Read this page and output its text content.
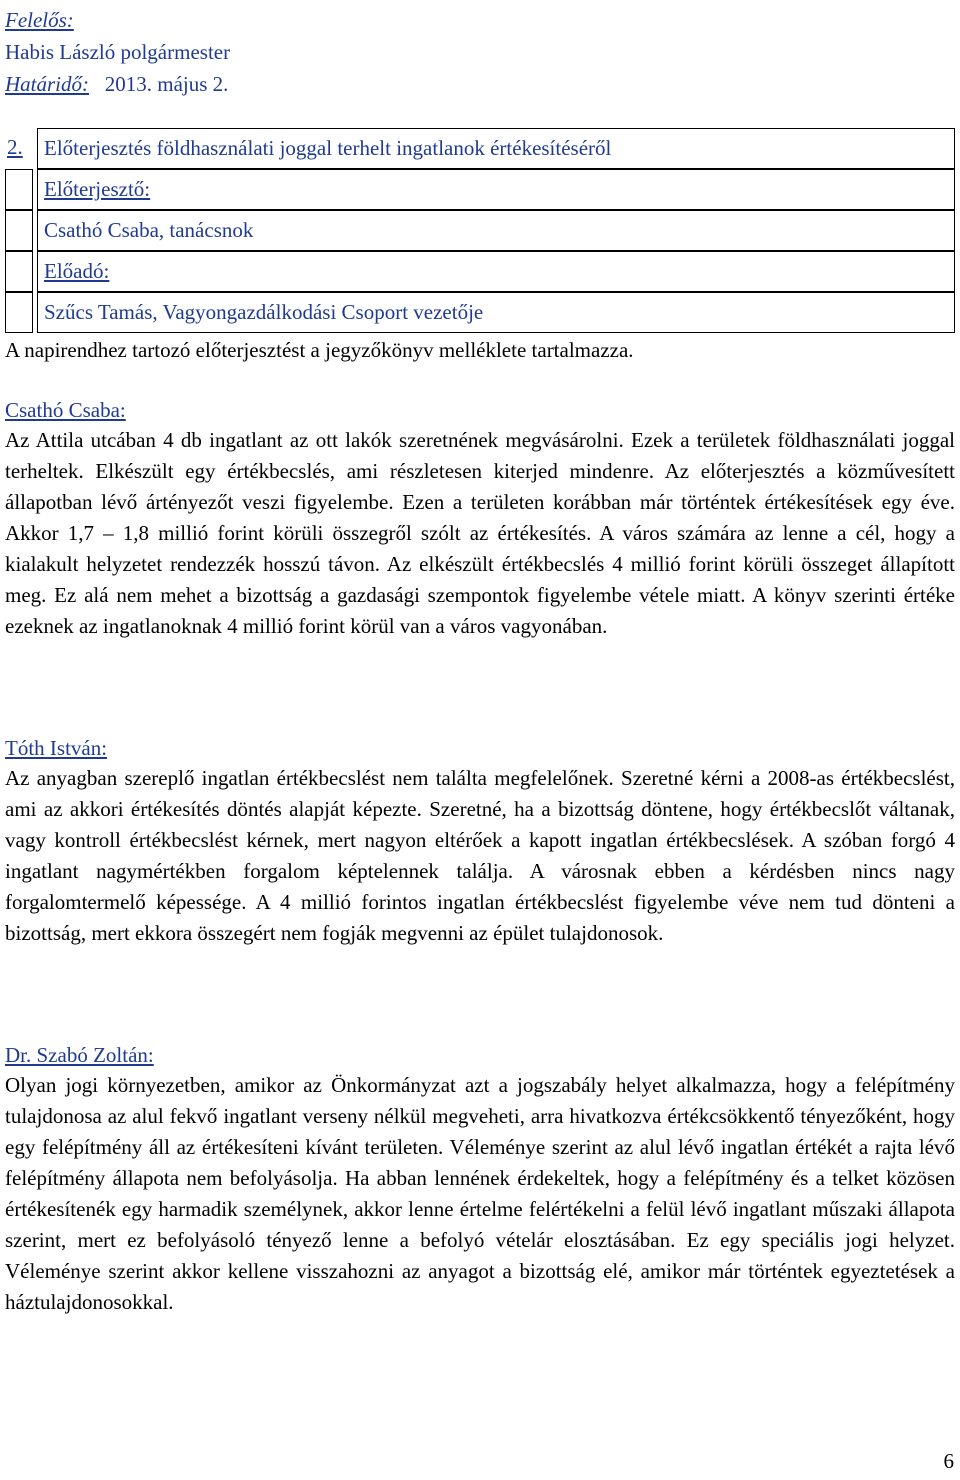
Felelős:
Habis László polgármester
Határidő: 2013. május 2.
2.	Előterjesztés földhasználati joggal terhelt ingatlanok értékesítéséről
Előterjesztő:
Csathó Csaba, tanácsnok
Előadó:
Szűcs Tamás, Vagyongazdálkodási Csoport vezetője
A napirendhez tartozó előterjesztést a jegyzőkönyv melléklete tartalmazza.
Csathó Csaba:
Az Attila utcában 4 db ingatlant az ott lakók szeretnének megvásárolni. Ezek a területek földhasználati joggal terheltek. Elkészült egy értékbecslés, ami részletesen kiterjed mindenre. Az előterjesztés a közművesített állapotban lévő ártényezőt veszi figyelembe. Ezen a területen korábban már történtek értékesítések egy éve. Akkor 1,7 – 1,8 millió forint körüli összegről szólt az értékesítés. A város számára az lenne a cél, hogy a kialakult helyzetet rendezzék hosszú távon. Az elkészült értékbecslés 4 millió forint körüli összeget állapított meg. Ez alá nem mehet a bizottság a gazdasági szempontok figyelembe vétele miatt. A könyv szerinti értéke ezeknek az ingatlanoknak 4 millió forint körül van a város vagyonában.
Tóth István:
Az anyagban szereplő ingatlan értékbecslést nem találta megfelelőnek. Szeretné kérni a 2008-as értékbecslést, ami az akkori értékesítés döntés alapját képezte. Szeretné, ha a bizottság döntene, hogy értékbecslőt váltanak, vagy kontroll értékbecslést kérnek, mert nagyon eltérőek a kapott ingatlan értékbecslések. A szóban forgó 4 ingatlant nagymértékben forgalom képtelennek találja. A városnak ebben a kérdésben nincs nagy forgalomtermelő képessége. A 4 millió forintos ingatlan értékbecslést figyelembe véve nem tud dönteni a bizottság, mert ekkora összegért nem fogják megvenni az épület tulajdonosok.
Dr. Szabó Zoltán:
Olyan jogi környezetben, amikor az Önkormányzat azt a jogszabály helyet alkalmazza, hogy a felépítmény tulajdonosa az alul fekvő ingatlant verseny nélkül megveheti, arra hivatkozva értékcsökkentő tényezőként, hogy egy felépítmény áll az értékesíteni kívánt területen. Véleménye szerint az alul lévő ingatlan értékét a rajta lévő felépítmény állapota nem befolyásolja. Ha abban lennének érdekeltek, hogy a felépítmény és a telket közösen értékesítenék egy harmadik személynek, akkor lenne értelme felértékelni a felül lévő ingatlant műszaki állapota szerint, mert ez befolyásoló tényező lenne a befolyó vételár elosztásában. Ez egy speciális jogi helyzet. Véleménye szerint akkor kellene visszahozni az anyagot a bizottság elé, amikor már történtek egyeztetések a háztulajdonosokkal.
6
